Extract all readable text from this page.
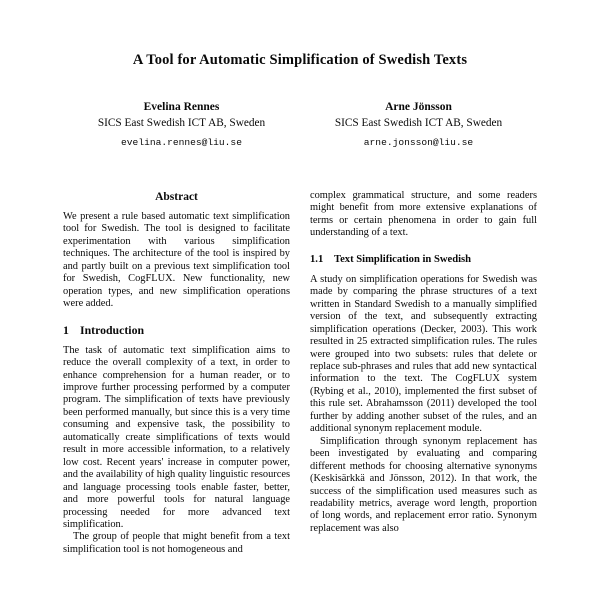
A Tool for Automatic Simplification of Swedish Texts
Evelina Rennes
SICS East Swedish ICT AB, Sweden
evelina.rennes@liu.se
Arne Jönsson
SICS East Swedish ICT AB, Sweden
arne.jonsson@liu.se
Abstract

We present a rule based automatic text simplification tool for Swedish. The tool is designed to facilitate experimentation with various simplification techniques. The architecture of the tool is inspired by and partly built on a previous text simplification tool for Swedish, CogFLUX. New functionality, new operation types, and new simplification operations were added.

1 Introduction

The task of automatic text simplification aims to reduce the overall complexity of a text, in order to enhance comprehension for a human reader, or to improve further processing performed by a computer program. The simplification of texts have previously been performed manually, but since this is a very time consuming and expensive task, the possibility to automatically create simplifications of texts would result in more accessible information, to a relatively low cost. Recent years' increase in computer power, and the availability of high quality linguistic resources and language processing tools enable faster, better, and more powerful tools for natural language processing needed for more advanced text simplification.

The group of people that might benefit from a text simplification tool is not homogeneous and

complex grammatical structure, and some readers might benefit from more extensive explanations of terms or certain phenomena in order to gain full understanding of a text.

1.1 Text Simplification in Swedish

A study on simplification operations for Swedish was made by comparing the phrase structures of a text written in Standard Swedish to a manually simplified version of the text, and subsequently extracting simplification operations (Decker, 2003). This work resulted in 25 extracted simplification rules. The rules were grouped into two subsets: rules that delete or replace sub-phrases and rules that add new syntactical information to the text. The CogFLUX system (Rybing et al., 2010), implemented the first subset of this rule set. Abrahamsson (2011) developed the tool further by adding another subset of the rules, and an additional synonym replacement module.

Simplification through synonym replacement has been investigated by evaluating and comparing different methods for choosing alternative synonyms (Keskisärkkä and Jönsson, 2012). In that work, the success of the simplification used measures such as readability metrics, average word length, proportion of long words, and replacement error ratio. Synonym replacement was also
